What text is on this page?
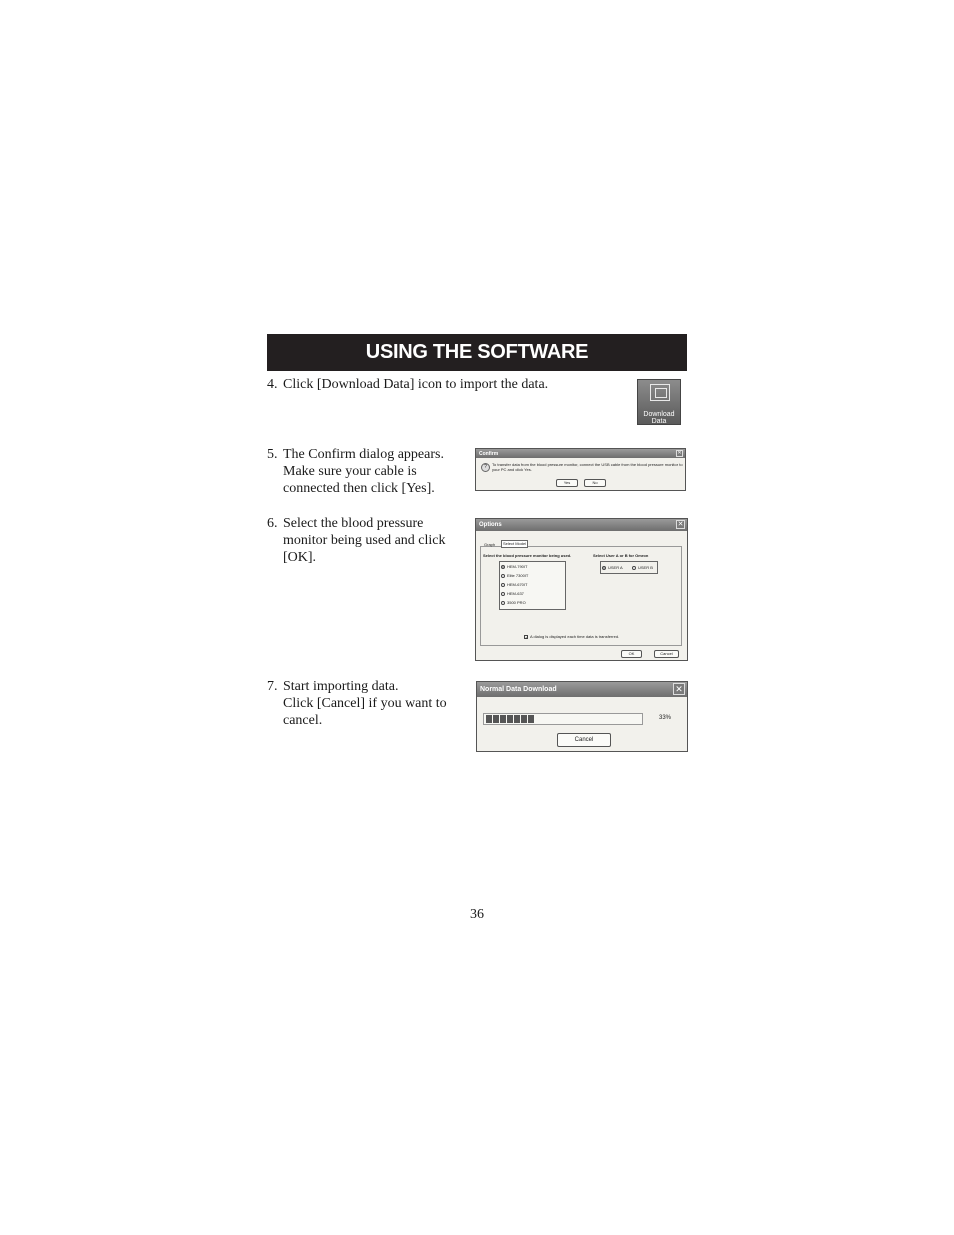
USING THE SOFTWARE
4. Click [Download Data] icon to import the data.
Download Data
5. The Confirm dialog appears.
Make sure your cable is
connected then click [Yes].
Confirm	✕
?	To transfer data from the blood pressure monitor, connect the USB cable from the blood pressure monitor to your PC and click Yes.
Yes	No
6. Select the blood pressure
monitor being used and click
[OK].
Options	✕
Graph	Select Model
Select the blood pressure monitor being used.	Select User A or B for Omron
HEM-790IT
Elite 7300IT
HEM-670IT
HEM-637
3500 PRO
USER A	USER B
✓ A dialog is displayed each time data is transferred.
OK	Cancel
7. Start importing data.
Click [Cancel] if you want to
cancel.
Normal Data Download	✕
33%
Cancel
36
